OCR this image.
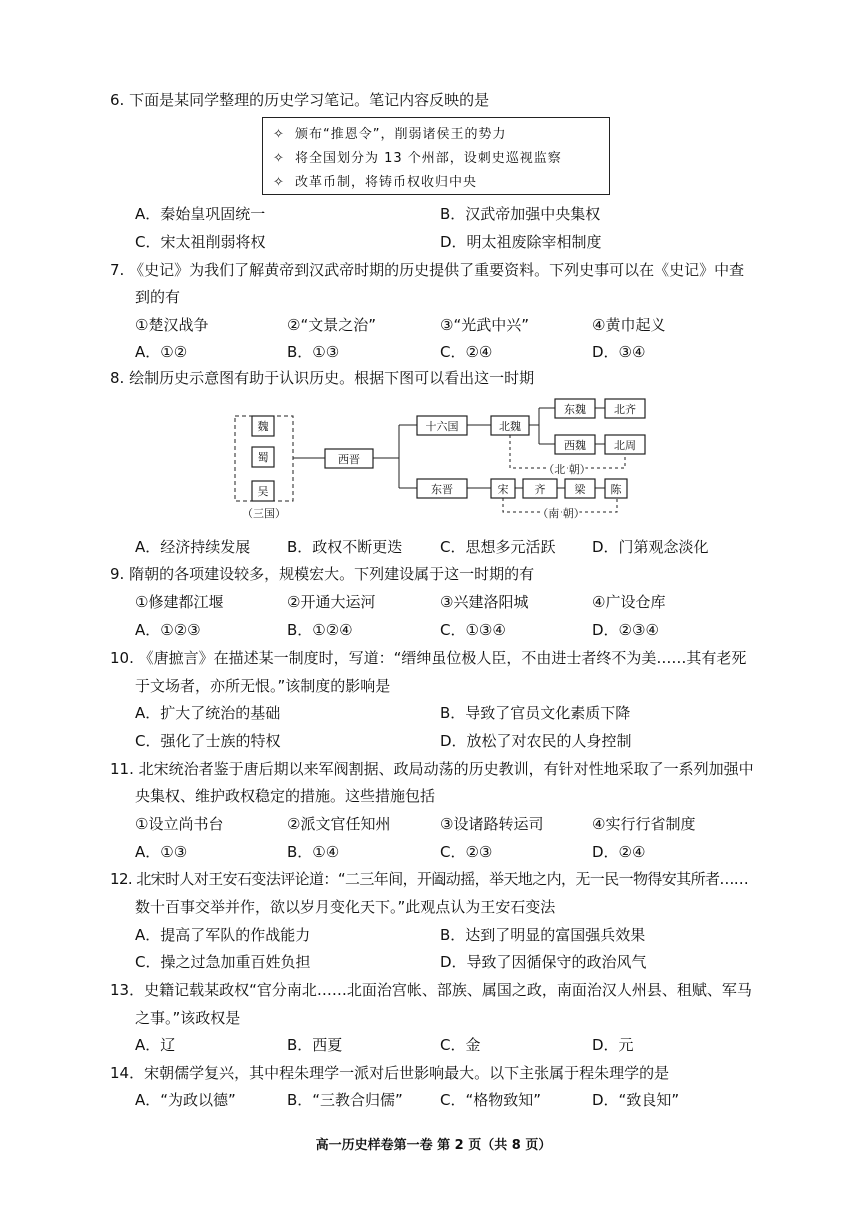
6. 下面是某同学整理的历史学习笔记。笔记内容反映的是
✧ 颁布“推恩令”，削弱诸侯王的势力
✧ 将全国划分为 13 个州部，设刺史巡视监察
✧ 改革币制，将铸币权收归中央
A．秦始皇巩固统一	B．汉武帝加强中央集权
C．宋太祖削弱将权	D．明太祖废除宰相制度
7. 《史记》为我们了解黄帝到汉武帝时期的历史提供了重要资料。下列史事可以在《史记》中查
到的有
①楚汉战争	②“文景之治”	③“光武中兴”	④黄巾起义
A．①②	B．①③	C．②④	D．③④
8. 绘制历史示意图有助于认识历史。根据下图可以看出这一时期
魏
蜀
吴
（三国）
西晋
十六国	北魏
东魏	北齐
西魏	北周
（北 朝）
东晋	宋 齐	梁 陈
（南 朝）
A．经济持续发展 B．政权不断更迭	C．思想多元活跃 D．门第观念淡化
9. 隋朝的各项建设较多，规模宏大。下列建设属于这一时期的有
①修建都江堰	②开通大运河	③兴建洛阳城	④广设仓库
A．①②③	B．①②④	C．①③④	D．②③④
10. 《唐摭言》在描述某一制度时，写道：“缙绅虽位极人臣，不由进士者终不为美……其有老死
于文场者，亦所无恨。”该制度的影响是
A．扩大了统治的基础	B．导致了官员文化素质下降
C．强化了士族的特权	D．放松了对农民的人身控制
11. 北宋统治者鉴于唐后期以来军阀割据、政局动荡的历史教训，有针对性地采取了一系列加强中
央集权、维护政权稳定的措施。这些措施包括
①设立尚书台	②派文官任知州	③设诸路转运司	④实行行省制度
A．①③	B．①④	C．②③	D．②④
12. 北宋时人对王安石变法评论道：“二三年间，开阖动摇，举天地之内，无一民一物得安其所者……
数十百事交举并作，欲以岁月变化天下。”此观点认为王安石变法
A．提高了军队的作战能力	B．达到了明显的富国强兵效果
C．操之过急加重百姓负担	D．导致了因循保守的政治风气
13．史籍记载某政权“官分南北……北面治宫帐、部族、属国之政，南面治汉人州县、租赋、军马
之事。”该政权是
A．辽	B．西夏	C．金	D．元
14．宋朝儒学复兴，其中程朱理学一派对后世影响最大。以下主张属于程朱理学的是
A．“为政以德”	B．“三教合归儒” C．“格物致知”	D．“致良知”
高一历史样卷第一卷 第 2 页（共 8 页）
